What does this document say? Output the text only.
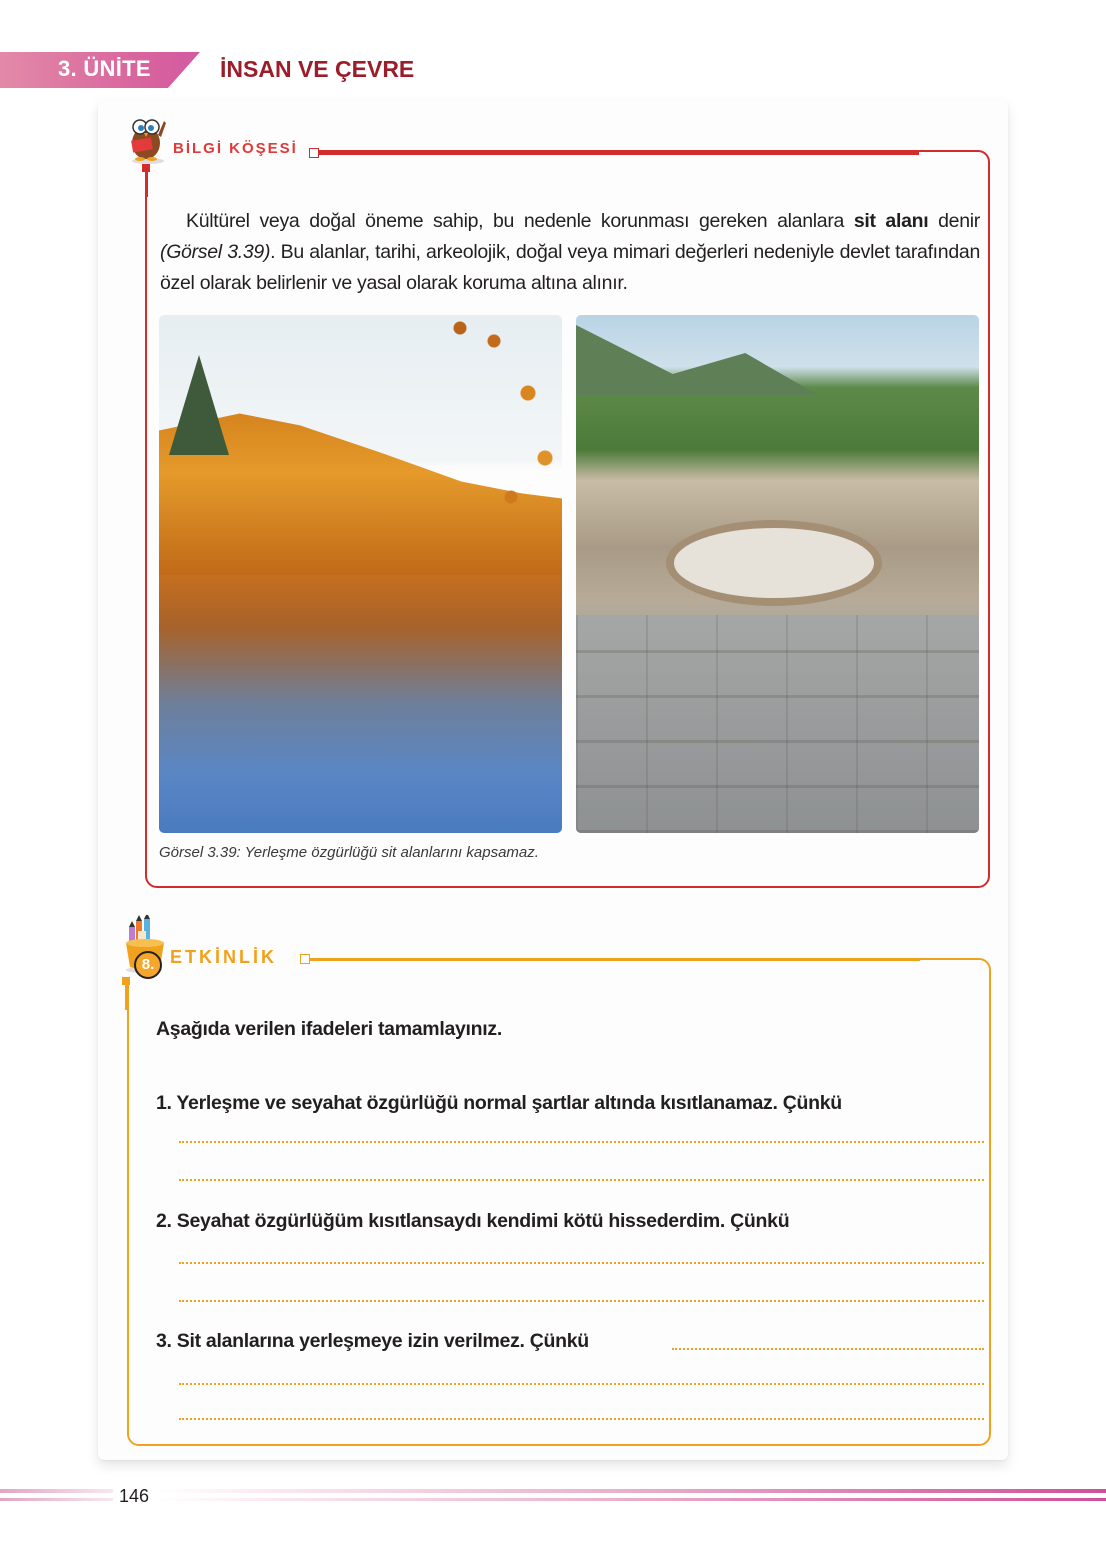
3. ÜNİTE	İNSAN VE ÇEVRE
BİLGİ KÖŞESİ

Kültürel veya doğal öneme sahip, bu nedenle korunması gereken alanlara sit alanı denir (Görsel 3.39). Bu alanlar, tarihi, arkeolojik, doğal veya mimari değerleri nedeniyle devlet tarafından özel olarak belirlenir ve yasal olarak koruma altına alınır.

Görsel 3.39: Yerleşme özgürlüğü sit alanlarını kapsamaz.
8. ETKİNLİK
Aşağıda verilen ifadeleri tamamlayınız.
1. Yerleşme ve seyahat özgürlüğü normal şartlar altında kısıtlanamaz. Çünkü
2. Seyahat özgürlüğüm kısıtlansaydı kendimi kötü hissederdim. Çünkü
3. Sit alanlarına yerleşmeye izin verilmez. Çünkü
146
